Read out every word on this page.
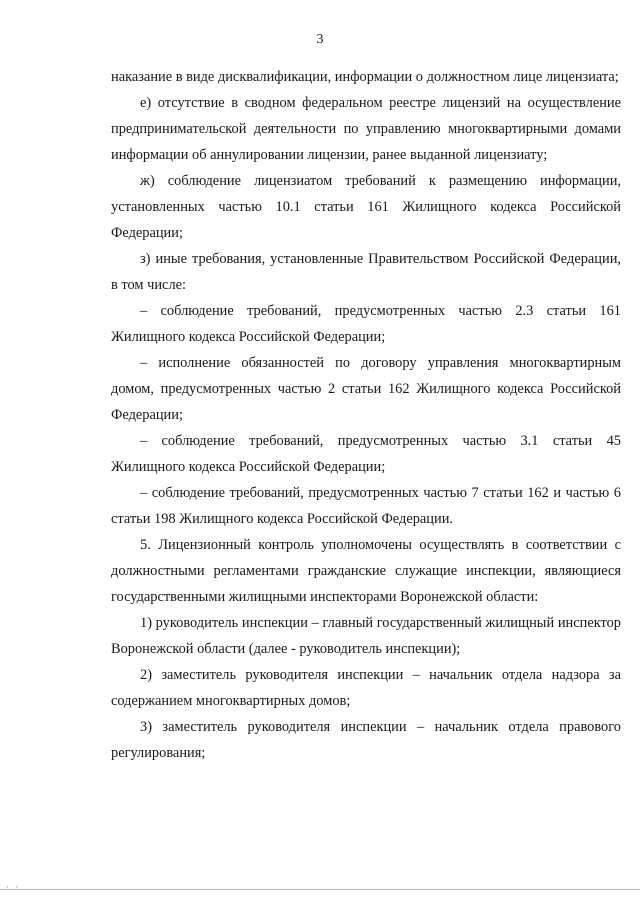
3

наказание в виде дисквалификации, информации о должностном лице лицензиата;

е) отсутствие в сводном федеральном реестре лицензий на осуществление предпринимательской деятельности по управлению многоквартирными домами информации об аннулировании лицензии, ранее выданной лицензиату;

ж) соблюдение лицензиатом требований к размещению информации, установленных частью 10.1 статьи 161 Жилищного кодекса Российской Федерации;

з) иные требования, установленные Правительством Российской Федерации, в том числе:

– соблюдение требований, предусмотренных частью 2.3 статьи 161 Жилищного кодекса Российской Федерации;

– исполнение обязанностей по договору управления многоквартирным домом, предусмотренных частью 2 статьи 162 Жилищного кодекса Российской Федерации;

– соблюдение требований, предусмотренных частью 3.1 статьи 45 Жилищного кодекса Российской Федерации;

– соблюдение требований, предусмотренных частью 7 статьи 162 и частью 6 статьи 198 Жилищного кодекса Российской Федерации.

5. Лицензионный контроль уполномочены осуществлять в соответствии с должностными регламентами гражданские служащие инспекции, являющиеся государственными жилищными инспекторами Воронежской области:

1) руководитель инспекции – главный государственный жилищный инспектор Воронежской области (далее - руководитель инспекции);

2) заместитель руководителя инспекции – начальник отдела надзора за содержанием многоквартирных домов;

3) заместитель руководителя инспекции – начальник отдела правового регулирования;

· ·
